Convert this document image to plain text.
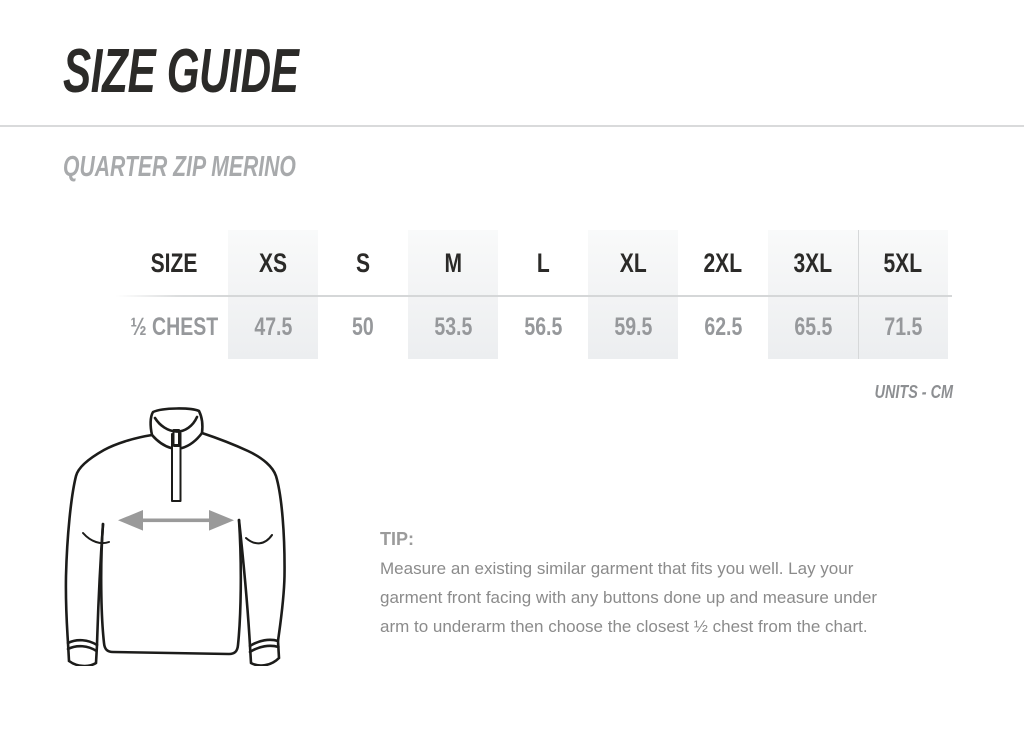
SIZE GUIDE
QUARTER ZIP MERINO
SIZE XS	S	M	L	XL 2XL 3XL 5XL
½ CHEST 47.5 50 53.5 56.5 59.5 62.5 65.5 71.5
UNITS - CM
TIP:
Measure an existing similar garment that fits you well. Lay your
garment front facing with any buttons done up and measure under
arm to underarm then choose the closest ½ chest from the chart.
